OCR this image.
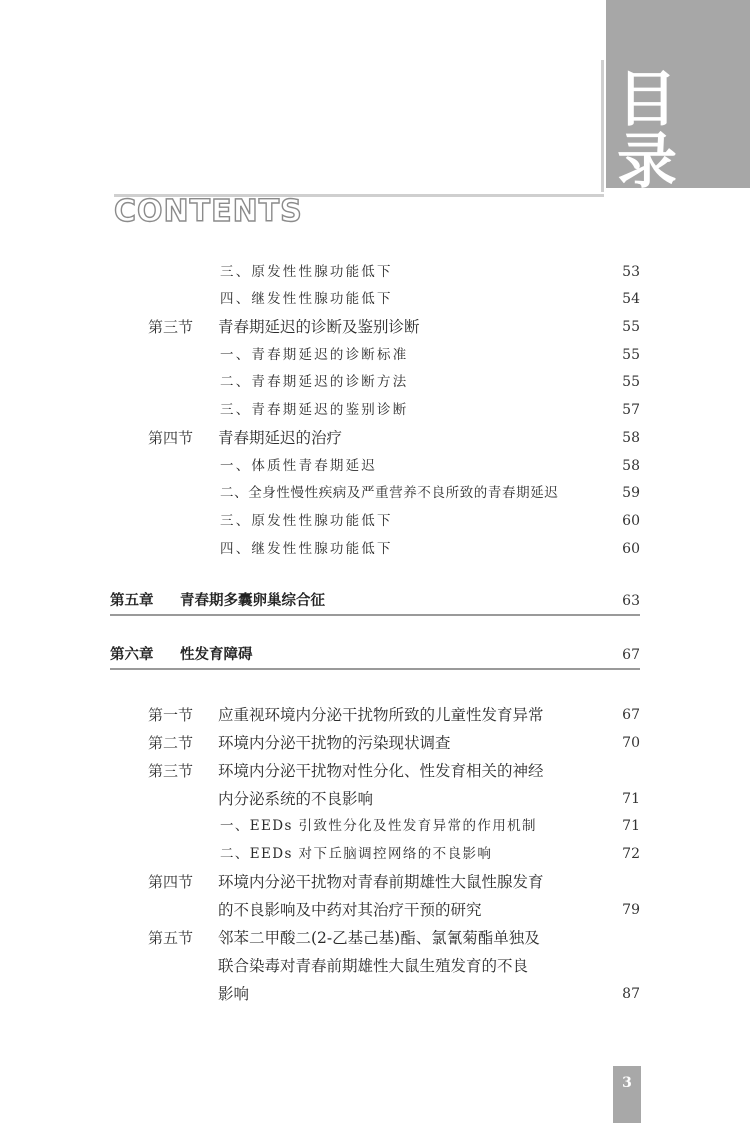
目
录
CONTENTS
三、原发性性腺功能低下	53
四、继发性性腺功能低下	54
第三节 青春期延迟的诊断及鉴别诊断	55
一、青春期延迟的诊断标准	55
二、青春期延迟的诊断方法	55
三、青春期延迟的鉴别诊断	57
第四节 青春期延迟的治疗	58
一、体质性青春期延迟	58
二、全身性慢性疾病及严重营养不良所致的青春期延迟	59
三、原发性性腺功能低下	60
四、继发性性腺功能低下	60
第五章 青春期多囊卵巢综合征	63
第六章 性发育障碍	67
第一节 应重视环境内分泌干扰物所致的儿童性发育异常	67
第二节 环境内分泌干扰物的污染现状调查	70
第三节 环境内分泌干扰物对性分化、性发育相关的神经
内分泌系统的不良影响	71
一、EEDs 引致性分化及性发育异常的作用机制	71
二、EEDs 对下丘脑调控网络的不良影响	72
第四节 环境内分泌干扰物对青春前期雄性大鼠性腺发育
的不良影响及中药对其治疗干预的研究	79
第五节 邻苯二甲酸二(2-乙基己基)酯、氯氰菊酯单独及
联合染毒对青春前期雄性大鼠生殖发育的不良
影响	87
3
